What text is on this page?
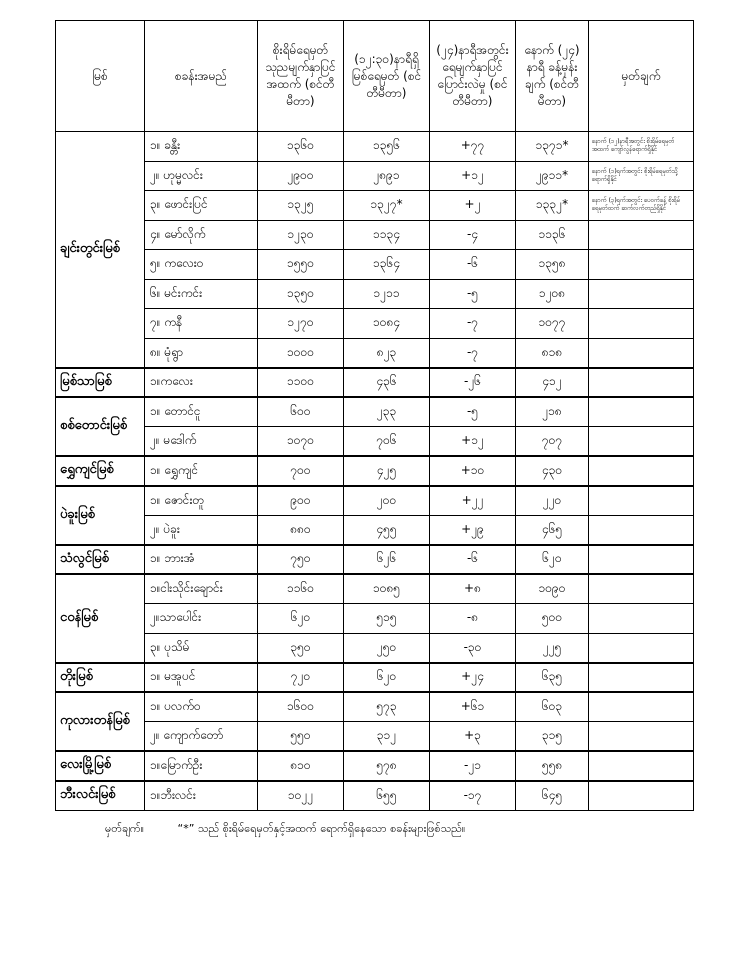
မြစ်	စခန်းအမည်	စိုးရိမ်ရေမှတ် သုညမျက်နှာပြင် အထက် (စင်တီမီတာ)	(၁၂:၃၀)နာရီရှိ မြစ်ရေမှတ် (စင်တီမီတာ)	(၂၄)နာရီအတွင်း ရေမျက်နှာပြင် ပြောင်းလဲမှု (စင်တီမီတာ)	နောက် (၂၄) နာရီ ခန့်မှန်းချက် (စင်တီမီတာ)	မှတ်ချက်
ချင်းတွင်းမြစ်	၁။ ခန္တီး	၁၃၆၀	၁၃၅၆	+၇၇	၁၃၇၁*	နောက် (၁၂)နာရီအတွင်း စိုးရိမ်ရေမှတ်အထက် ကျော်လွန်ရောက်ရှိနိုင်
	၂။ ဟုမ္မလင်း	၂၉၀၀	၂၈၉၁	+၁၂	၂၉၁၁*	နောက် (၁)ရက်အတွင်း စိုးရိမ်ရေမှတ်သို့ ရောက်ရှိနိုင်
	၃။ ဖောင်းပြင်	၁၃၂၅	၁၃၂၇*	+၂	၁၃၃၂*	နောက် (၃)ရက်အတွင်း ပေ၀က်ခန့် စိုးရိမ်ရေမှတ်ထက် ဆက်လက်တည်ရှိနိုင်
	၄။ မော်လိုက်	၁၂၃၀	၁၁၃၄	-၄	၁၁၃၆	
	၅။ ကလေးဝ	၁၅၅၀	၁၃၆၄	-၆	၁၃၅၈	
	၆။ မင်းကင်း	၁၃၅၀	၁၂၁၁	-၅	၁၂၀၈	
	၇။ ကနီ	၁၂၇၀	၁၀၈၄	-၇	၁၀၇၇	
	၈။ မုံရွာ	၁၀၀၀	၈၂၃	-၇	၈၁၈	
မြစ်သာမြစ်	၁။ကလေး	၁၁၀၀	၄၃၆	-၂၆	၄၁၂	
စစ်တောင်းမြစ်	၁။ တောင်ငူ	၆၀၀	၂၃၃	-၅	၂၁၈	
	၂။ မဒေါက်	၁၀၇၀	၇၀၆	+၁၂	၇၀၇	
ရွှေကျင်မြစ်	၁။ ရွှေကျင်	၇၀၀	၄၂၅	+၁၀	၄၃၀	
ပဲခူးမြစ်	၁။ ဇောင်းတူ	၉၀၀	၂၀၀	+၂၂	၂၂၀	
	၂။ ပဲခူး	၈၈၀	၄၅၅	+၂၉	၄၆၅	
သံလွင်မြစ်	၁။ ဘားအံ	၇၅၀	၆၂၆	-၆	၆၂၀	
ငဝန်မြစ်	၁။ငါးသိုင်းချောင်း	၁၁၆၀	၁၀၈၅	+၈	၁၀၉၀	
	၂။သာပေါင်း	၆၂၀	၅၁၅	-၈	၅၀၀	
	၃။ ပုသိမ်	၃၅၀	၂၅၀	-၃၀	၂၂၅	
တိုးမြစ်	၁။ မအူပင်	၇၂၀	၆၂၀	+၂၄	၆၃၅	
ကုလားတန်မြစ်	၁။ ပလက်ဝ	၁၆၀၀	၅၇၃	+၆၁	၆၀၃	
	၂။ ကျောက်တော်	၅၅၀	၃၁၂	+၃	၃၁၅	
လေးမြို့မြစ်	၁။မြောက်ဦး	၈၁၀	၅၇၈	-၂၁	၅၅၈	
ဘီးလင်းမြစ်	၁။ဘီးလင်း	၁၀၂၂	၆၅၅	-၁၇	၆၄၅	
မှတ်ချက်။	“*” သည် စိုးရိမ်ရေမှတ်နှင့်အထက် ရောက်ရှိနေသော စခန်းများဖြစ်သည်။
